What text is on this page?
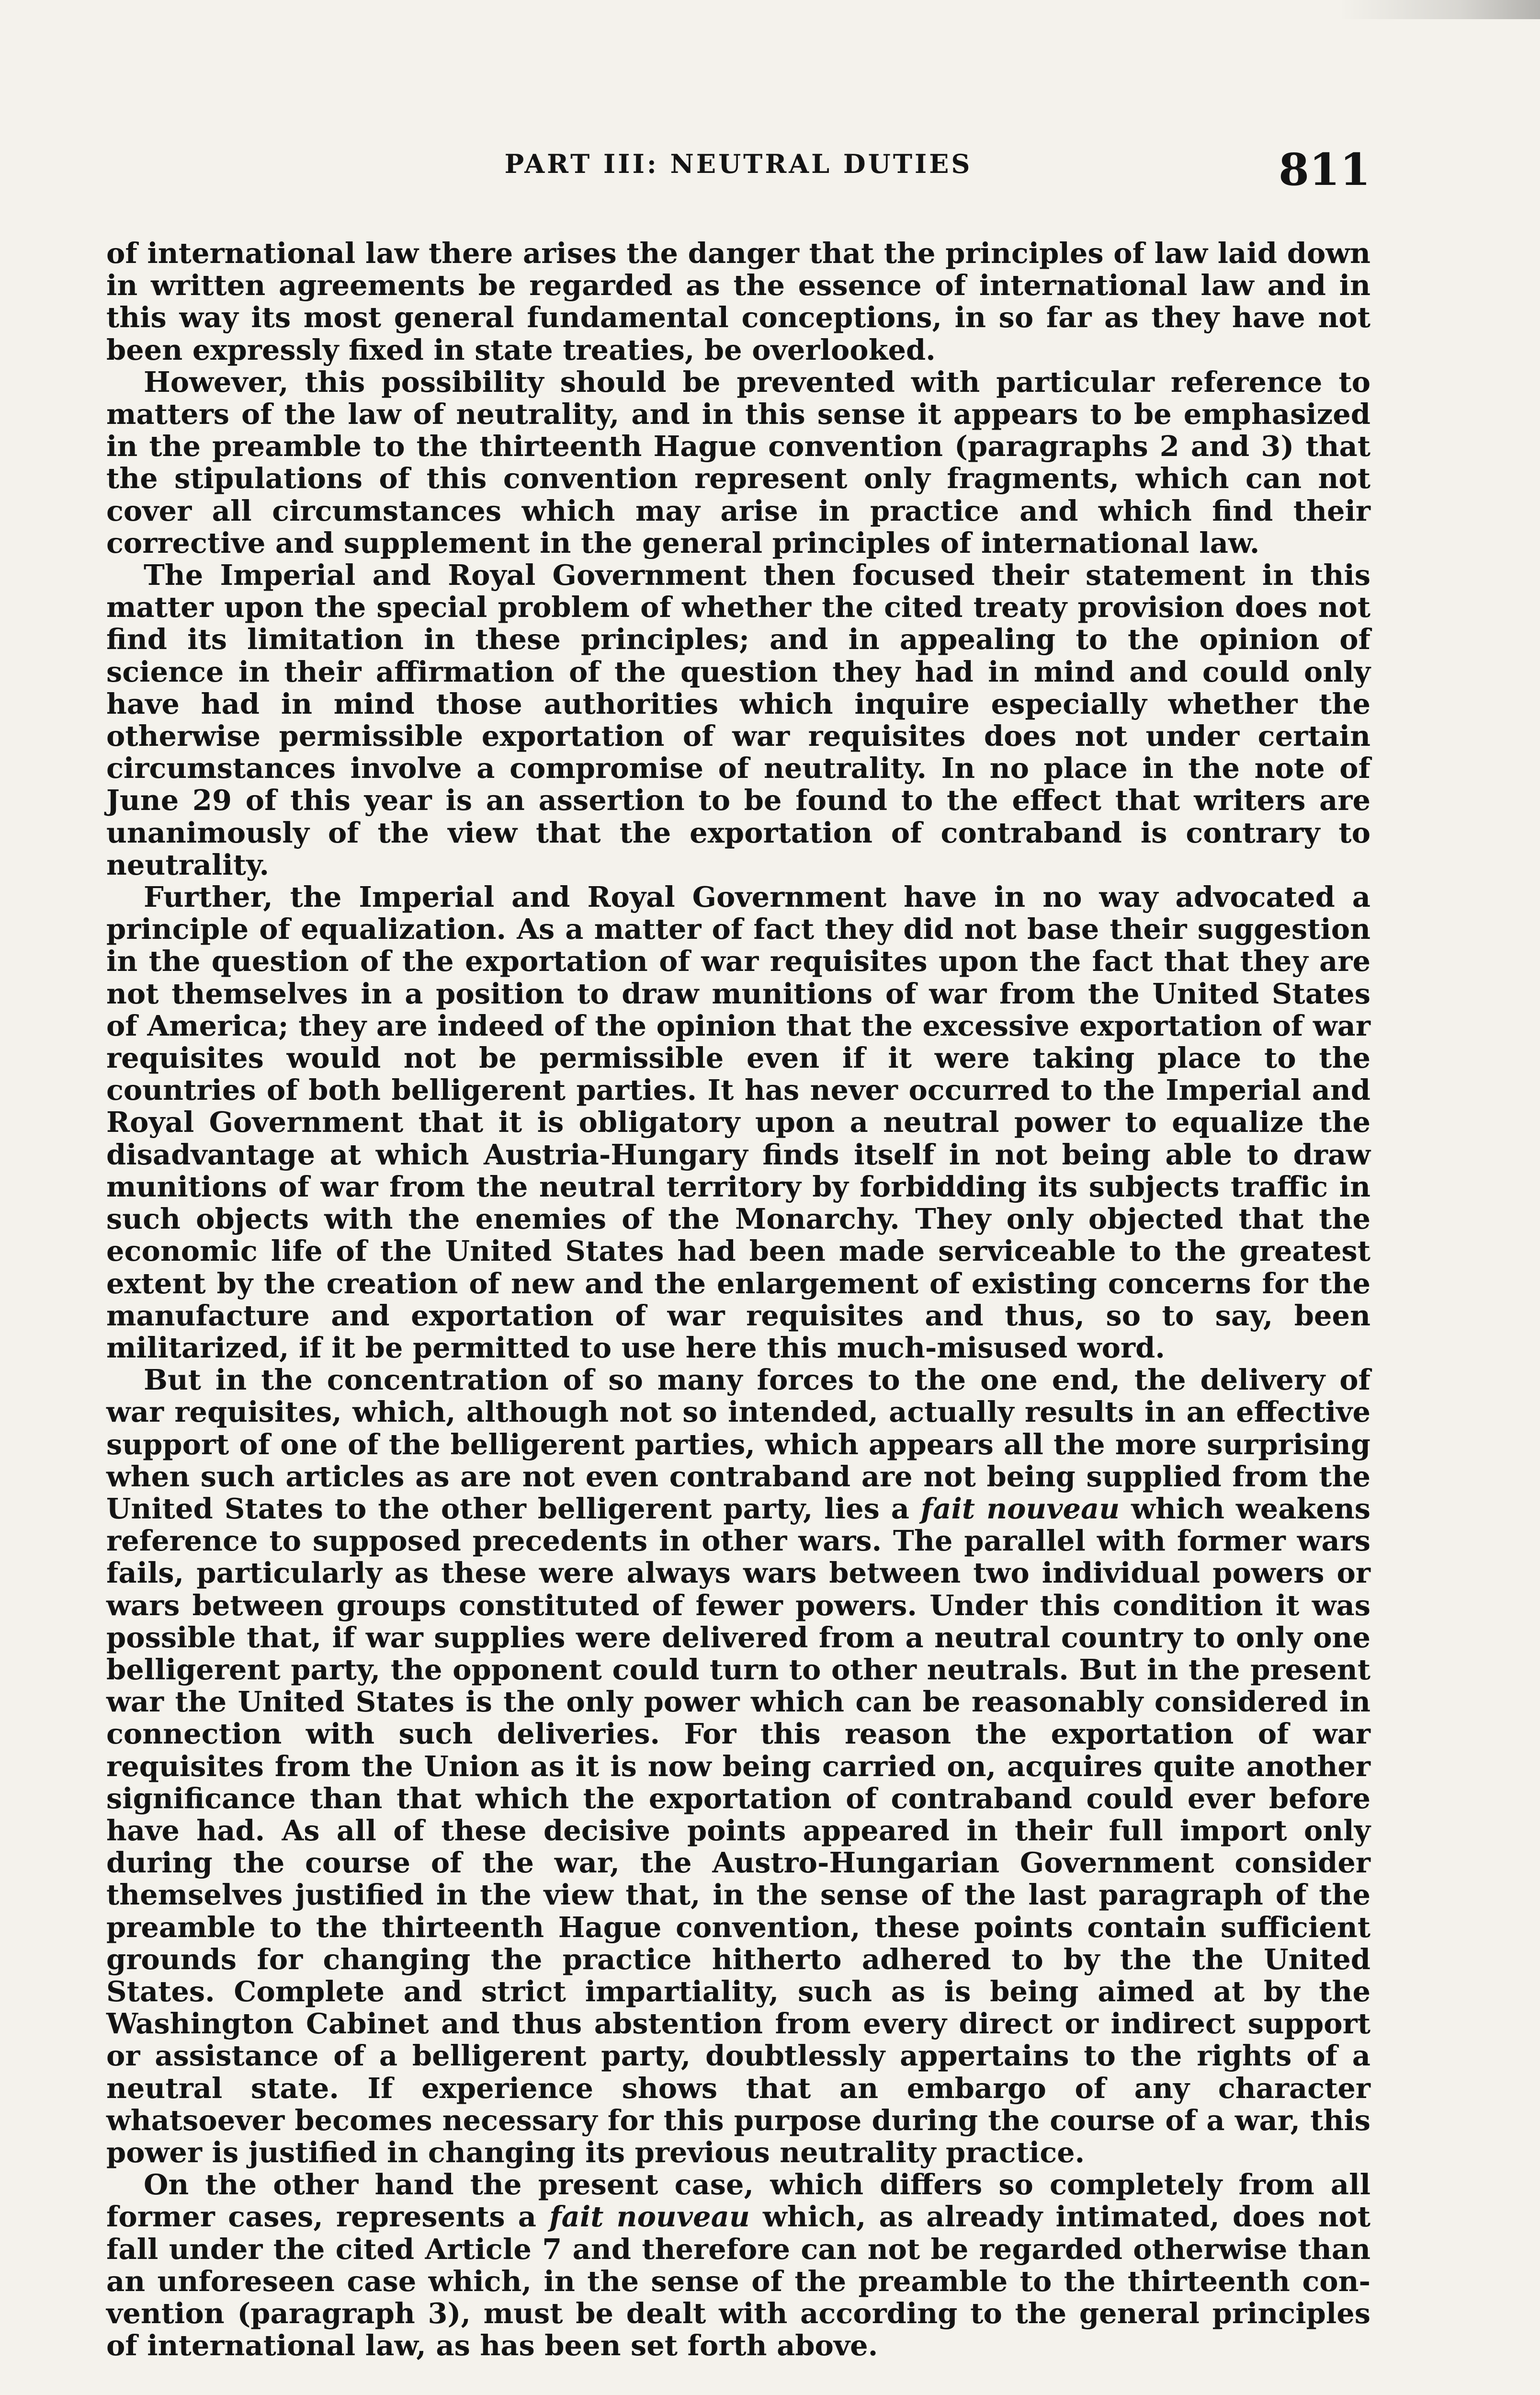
PART III: NEUTRAL DUTIES	811

of international law there arises the danger that the principles of law laid down in written agreements be regarded as the essence of international law and in this way its most general fundamental conceptions, in so far as they have not been expressly fixed in state treaties, be overlooked.

However, this possibility should be prevented with particular reference to matters of the law of neutrality, and in this sense it appears to be emphasized in the preamble to the thirteenth Hague convention (paragraphs 2 and 3) that the stipulations of this convention represent only fragments, which can not cover all circumstances which may arise in practice and which find their corrective and supplement in the general principles of international law.

The Imperial and Royal Government then focused their statement in this matter upon the special problem of whether the cited treaty provision does not find its limitation in these principles; and in appealing to the opinion of science in their affirmation of the question they had in mind and could only have had in mind those authorities which inquire especially whether the otherwise permissible exportation of war requisites does not under certain circumstances involve a compromise of neutrality. In no place in the note of June 29 of this year is an assertion to be found to the effect that writers are unanimously of the view that the exportation of contraband is contrary to neutrality.

Further, the Imperial and Royal Government have in no way advocated a principle of equalization. As a matter of fact they did not base their suggestion in the question of the exportation of war requisites upon the fact that they are not themselves in a position to draw munitions of war from the United States of America; they are indeed of the opinion that the excessive exportation of war requisites would not be permissible even if it were taking place to the countries of both belligerent parties. It has never occurred to the Imperial and Royal Government that it is obligatory upon a neutral power to equalize the disadvantage at which Austria-Hungary finds itself in not being able to draw munitions of war from the neutral territory by forbidding its subjects traffic in such objects with the enemies of the Monarchy. They only objected that the economic life of the United States had been made serviceable to the greatest extent by the creation of new and the enlargement of existing concerns for the manufacture and exportation of war requisites and thus, so to say, been militarized, if it be permitted to use here this much-misused word.

But in the concentration of so many forces to the one end, the delivery of war requisites, which, although not so intended, actually results in an effective support of one of the belligerent parties, which appears all the more surprising when such articles as are not even contraband are not being supplied from the United States to the other belligerent party, lies a fait nouveau which weakens reference to supposed precedents in other wars. The parallel with former wars fails, particularly as these were always wars between two individual powers or wars between groups constituted of fewer powers. Under this condition it was possible that, if war supplies were delivered from a neutral country to only one belligerent party, the opponent could turn to other neutrals. But in the present war the United States is the only power which can be reasonably considered in connection with such deliveries. For this reason the exportation of war requisites from the Union as it is now being carried on, acquires quite another significance than that which the exportation of contraband could ever before have had. As all of these decisive points appeared in their full import only during the course of the war, the Austro-Hungarian Government consider themselves justified in the view that, in the sense of the last paragraph of the preamble to the thirteenth Hague convention, these points contain sufficient grounds for changing the practice hitherto adhered to by the the United States. Complete and strict impartiality, such as is being aimed at by the Washington Cabinet and thus abstention from every direct or indirect support or assistance of a belligerent party, doubtlessly appertains to the rights of a neutral state. If experience shows that an embargo of any character whatsoever becomes necessary for this purpose during the course of a war, this power is justified in changing its previous neutrality practice.

On the other hand the present case, which differs so completely from all former cases, represents a fait nouveau which, as already intimated, does not fall under the cited Article 7 and therefore can not be regarded otherwise than an unforeseen case which, in the sense of the preamble to the thirteenth convention (paragraph 3), must be dealt with according to the general principles of international law, as has been set forth above.
